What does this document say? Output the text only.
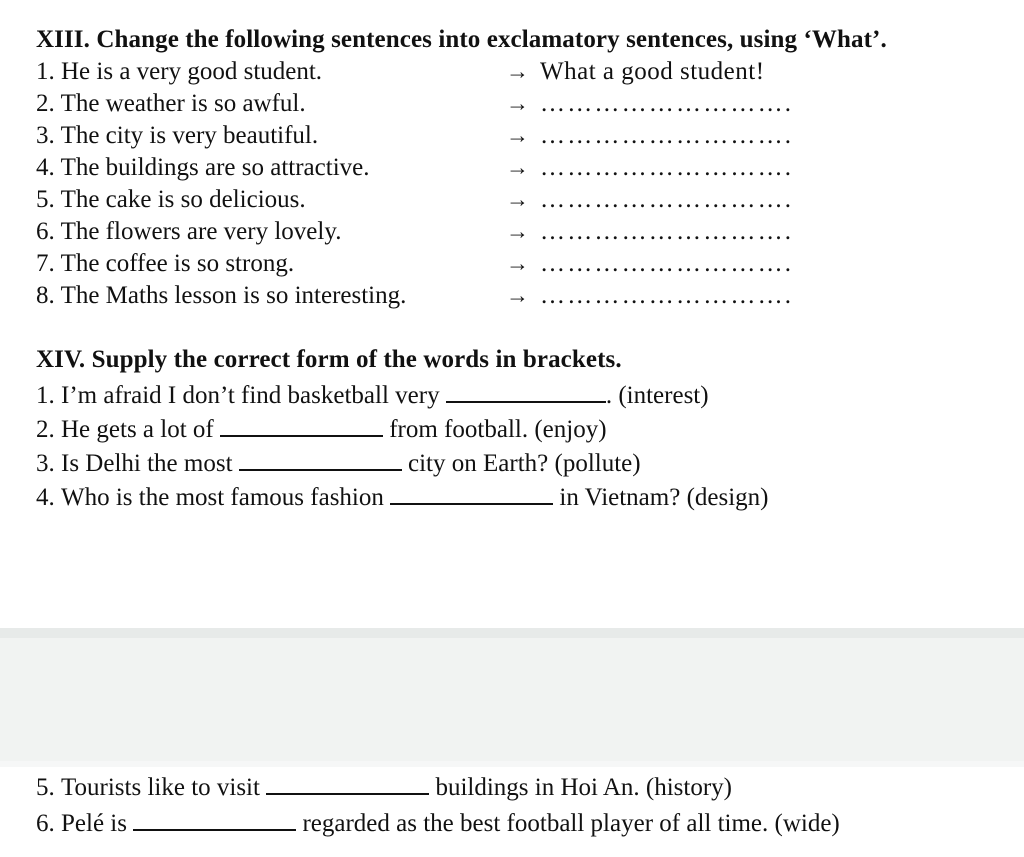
XIII. Change the following sentences into exclamatory sentences, using ‘What’.
1. He is a very good student.	→ What a good student!
2. The weather is so awful.	→ ……………………….
3. The city is very beautiful.	→ ……………………….
4. The buildings are so attractive.	→ ……………………….
5. The cake is so delicious.	→ ……………………….
6. The flowers are very lovely.	→ ……………………….
7. The coffee is so strong.	→ ……………………….
8. The Maths lesson is so interesting.	→ ……………………….
XIV. Supply the correct form of the words in brackets.
1.
I’m afraid I don’t find basketball very
	. (interest)
2.
He gets a lot of

	from football. (enjoy)
3.
Is Delhi the most

	city on Earth? (pollute)
4.
Who is the most famous fashion

	in Vietnam? (design)
5.
Tourists like to visit

	buildings in Hoi An. (history)
6.
Pelé is

	regarded as the best football player of all time. (wide)
